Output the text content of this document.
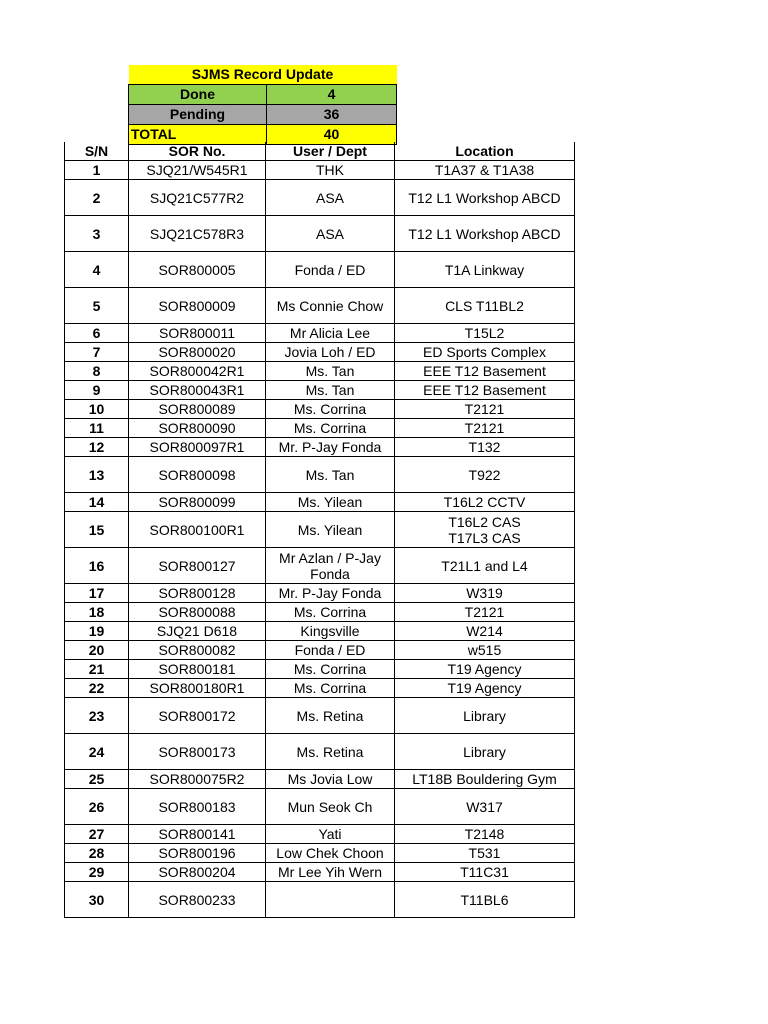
SJMS Record Update	
Done	4
Pending	36
TOTAL	40
S/N	SOR No.	User / Dept	Location
1	SJQ21/W545R1	THK	T1A37 & T1A38

2	SJQ21C577R2	ASA	T12 L1 Workshop ABCD

3	SJQ21C578R3	ASA	T12 L1 Workshop ABCD

4	SOR800005	Fonda / ED	T1A Linkway

5	SOR800009	Ms Connie Chow	CLS T11BL2

6	SOR800011	Mr Alicia Lee	T15L2

7	SOR800020	Jovia Loh / ED	ED Sports Complex

8	SOR800042R1	Ms. Tan	EEE T12 Basement

9	SOR800043R1	Ms. Tan	EEE T12 Basement

10	SOR800089	Ms. Corrina	T2121

11	SOR800090	Ms. Corrina	T2121

12	SOR800097R1	Mr. P-Jay Fonda	T132

13	SOR800098	Ms. Tan	T922

14	SOR800099	Ms. Yilean	T16L2 CCTV

15	SOR800100R1	Ms. Yilean	T16L2 CAS
T17L3 CAS

16	SOR800127	Mr Azlan / P-Jay Fonda	T21L1 and L4

17	SOR800128	Mr. P-Jay Fonda	W319

18	SOR800088	Ms. Corrina	T2121

19	SJQ21 D618	Kingsville	W214

20	SOR800082	Fonda / ED	w515

21	SOR800181	Ms. Corrina	T19 Agency

22	SOR800180R1	Ms. Corrina	T19 Agency

23	SOR800172	Ms. Retina	Library

24	SOR800173	Ms. Retina	Library

25	SOR800075R2	Ms Jovia Low	LT18B Bouldering Gym

26	SOR800183	Mun Seok Ch	W317

27	SOR800141	Yati	T2148

28	SOR800196	Low Chek Choon	T531

29	SOR800204	Mr Lee Yih Wern	T11C31

30	SOR800233		T11BL6
